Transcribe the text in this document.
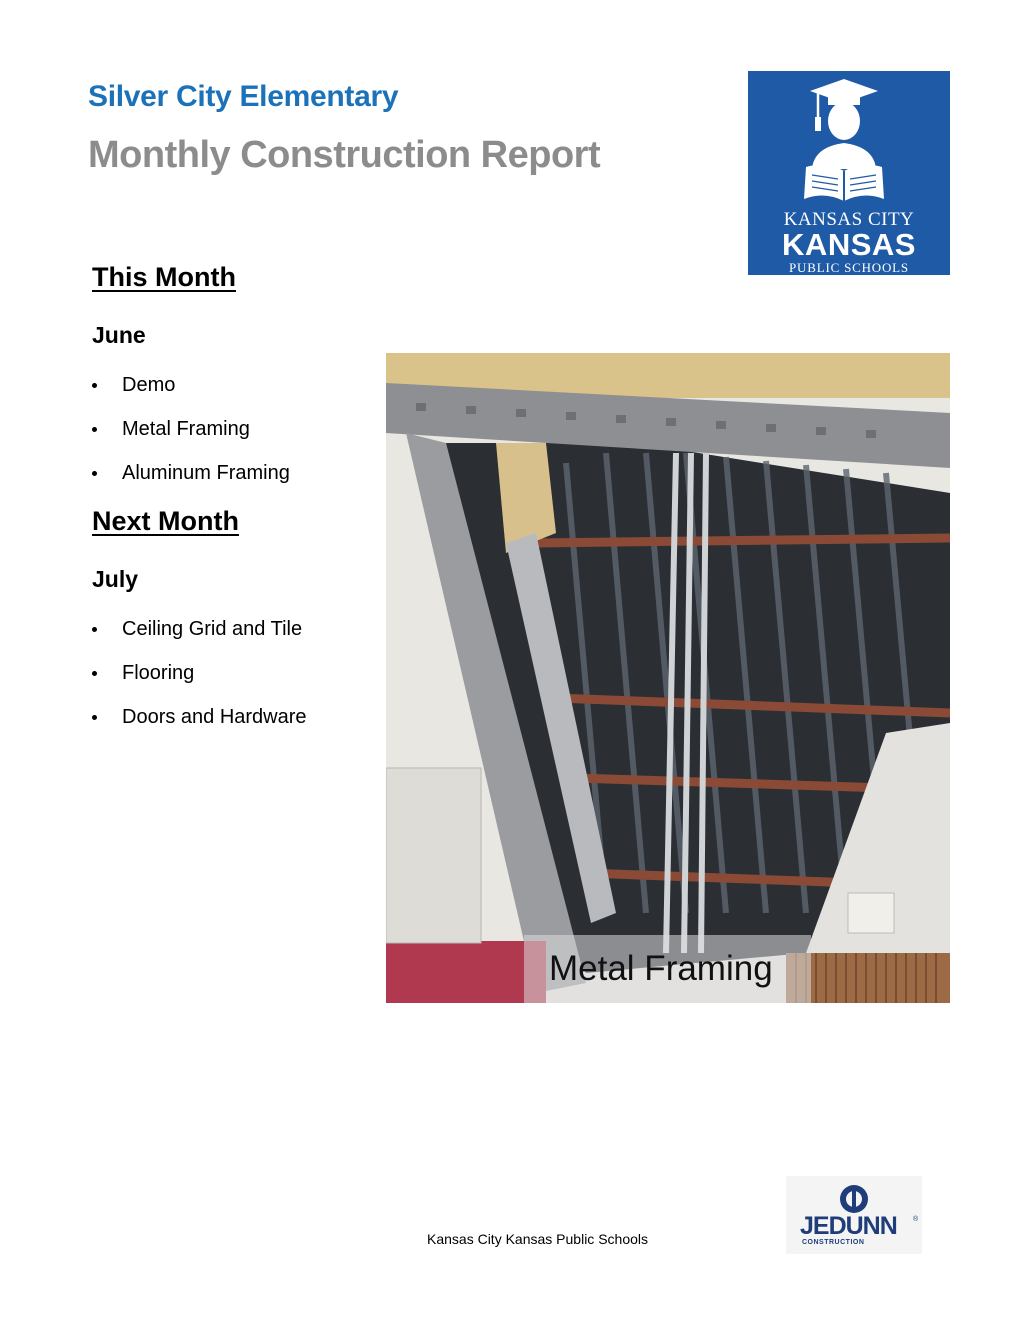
Silver City Elementary
Monthly Construction Report
KANSAS CITY
KANSAS
PUBLIC SCHOOLS
This Month
June
Demo
Metal Framing
Aluminum Framing
Next Month
July
Ceiling Grid and Tile
Flooring
Doors and Hardware
Metal Framing
Kansas City Kansas Public Schools	JEDUNN ®
CONSTRUCTION
